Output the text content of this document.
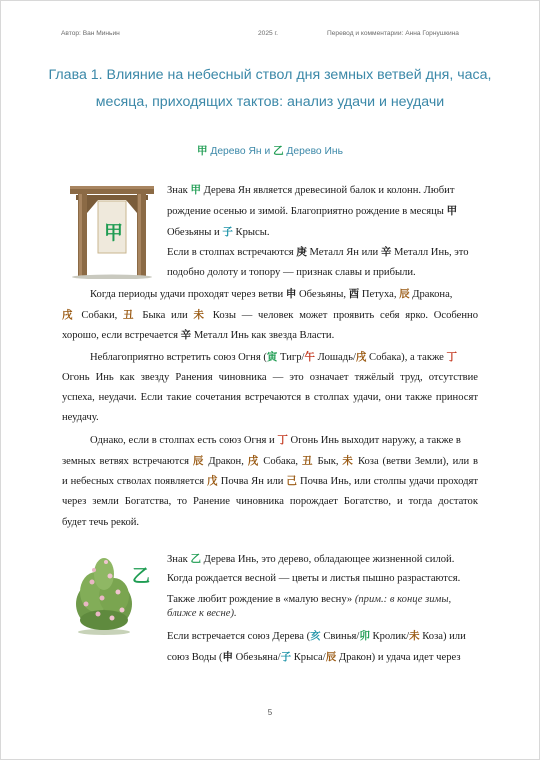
Автор: Ван Миньин	2025 г.	Перевод и комментарии: Анна Горнушкина
Глава 1. Влияние на небесный ствол дня земных ветвей дня, часа,
месяца, приходящих тактов: анализ удачи и неудачи
甲 Дерево Ян и 乙 Дерево Инь
甲
乙
Знак 甲 Дерева Ян является древесиной балок и колонн. Любит
рождение осенью и зимой. Благоприятно рождение в месяцы 甲
Обезьяны и 子 Крысы.
Если в столпах встречаются 庚 Металл Ян или 辛 Металл Инь, это
подобно долоту и топору — признак славы и прибыли.
Когда периоды удачи проходят через ветви 申 Обезьяны, 酉 Петуха, 辰 Дракона,
戌 Собаки, 丑 Быка или 未 Козы — человек может проявить себя ярко. Особенно
хорошо, если встречается 辛 Металл Инь как звезда Власти.
Неблагоприятно встретить союз Огня (寅 Тигр/午 Лошадь/戌 Собака), а также 丁
Огонь Инь как звезду Ранения чиновника — это означает тяжёлый труд, отсутствие
успеха, неудачи. Если такие сочетания встречаются в столпах удачи, они также приносят
неудачу.
Однако, если в столпах есть союз Огня и 丁 Огонь Инь выходит наружу, а также в
земных ветвях встречаются 辰 Дракон, 戌 Собака, 丑 Бык, 未 Коза (ветви Земли), или в
и небесных стволах появляется 戊 Почва Ян или 己 Почва Инь, или столпы удачи проходят
через земли Богатства, то Ранение чиновника порождает Богатство, и тогда достаток
будет течь рекой.
Знак 乙 Дерева Инь, это дерево, обладающее жизненной силой.
Когда рождается весной — цветы и листья пышно разрастаются.
Также любит рождение в «малую весну» (прим.: в конце зимы,
ближе к весне).
Если встречается союз Дерева (亥 Свинья/卯 Кролик/未 Коза) или
союз Воды (申 Обезьяна/子 Крыса/辰 Дракон) и удача идет через
5
